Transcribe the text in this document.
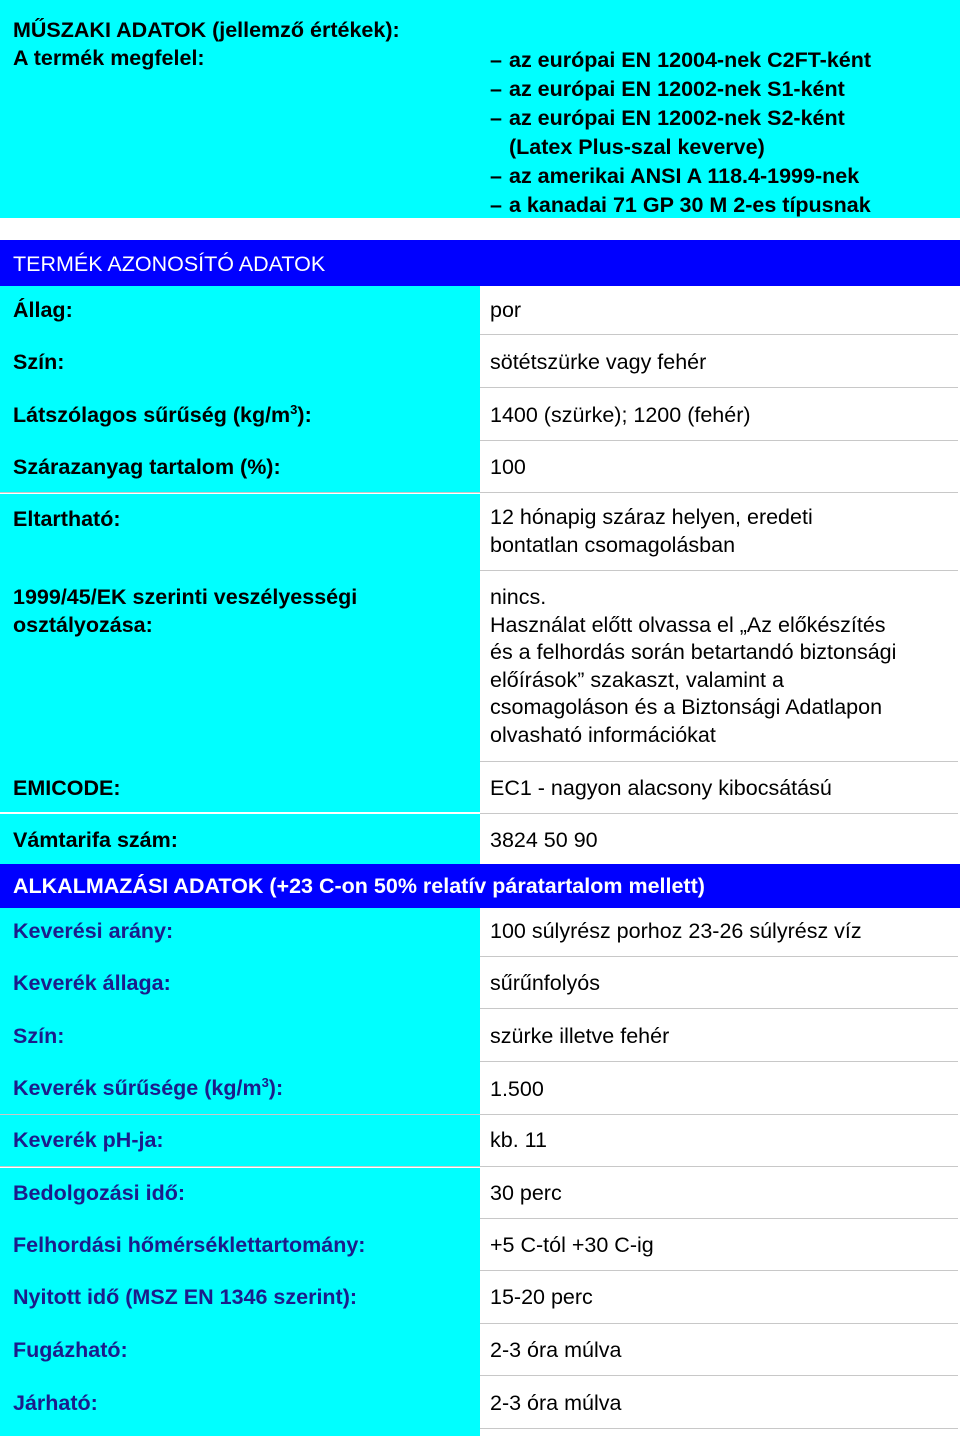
MŰSZAKI ADATOK (jellemző értékek):
A termék megfelel:	– az európai EN 12004-nek C2FT-ként
– az európai EN 12002-nek S1-ként
– az európai EN 12002-nek S2-ként
(Latex Plus-szal keverve)
– az amerikai ANSI A 118.4-1999-nek
– a kanadai 71 GP 30 M 2-es típusnak
TERMÉK AZONOSÍTÓ ADATOK
Állag:	por
Szín:	sötétszürke vagy fehér
Látszólagos sűrűség $(kg/m^3)$:	1400 (szürke); 1200 (fehér)
Szárazanyag tartalom (%):	100
Eltartható:	12 hónapig száraz helyen, eredeti
bontatlan csomagolásban
1999/45/EK szerinti veszélyességi
osztályozása:
nincs.
Használat előtt olvassa el „Az előkészítés
és a felhordás során betartandó biztonsági
előírások” szakaszt, valamint a
csomagoláson és a Biztonsági Adatlapon
olvasható információkat
EMICODE:	EC1 - nagyon alacsony kibocsátású
Vámtarifa szám:	3824 50 90
ALKALMAZÁSI ADATOK (+23 C-on 50% relatív páratartalom mellett)
Keverési arány:	100 súlyrész porhoz 23-26 súlyrész víz
Keverék állaga:	sűrűnfolyós
Szín:	szürke illetve fehér
Keverék sűrűsége $(kg/m^3)$:	1.500
Keverék pH-ja:	kb. 11
Bedolgozási idő:	30 perc
Felhordási hőmérséklettartomány:	+5 C-tól +30 C-ig
Nyitott idő (MSZ EN 1346 szerint):	15-20 perc
Fugázható:	2-3 óra múlva
Járható:	2-3 óra múlva
